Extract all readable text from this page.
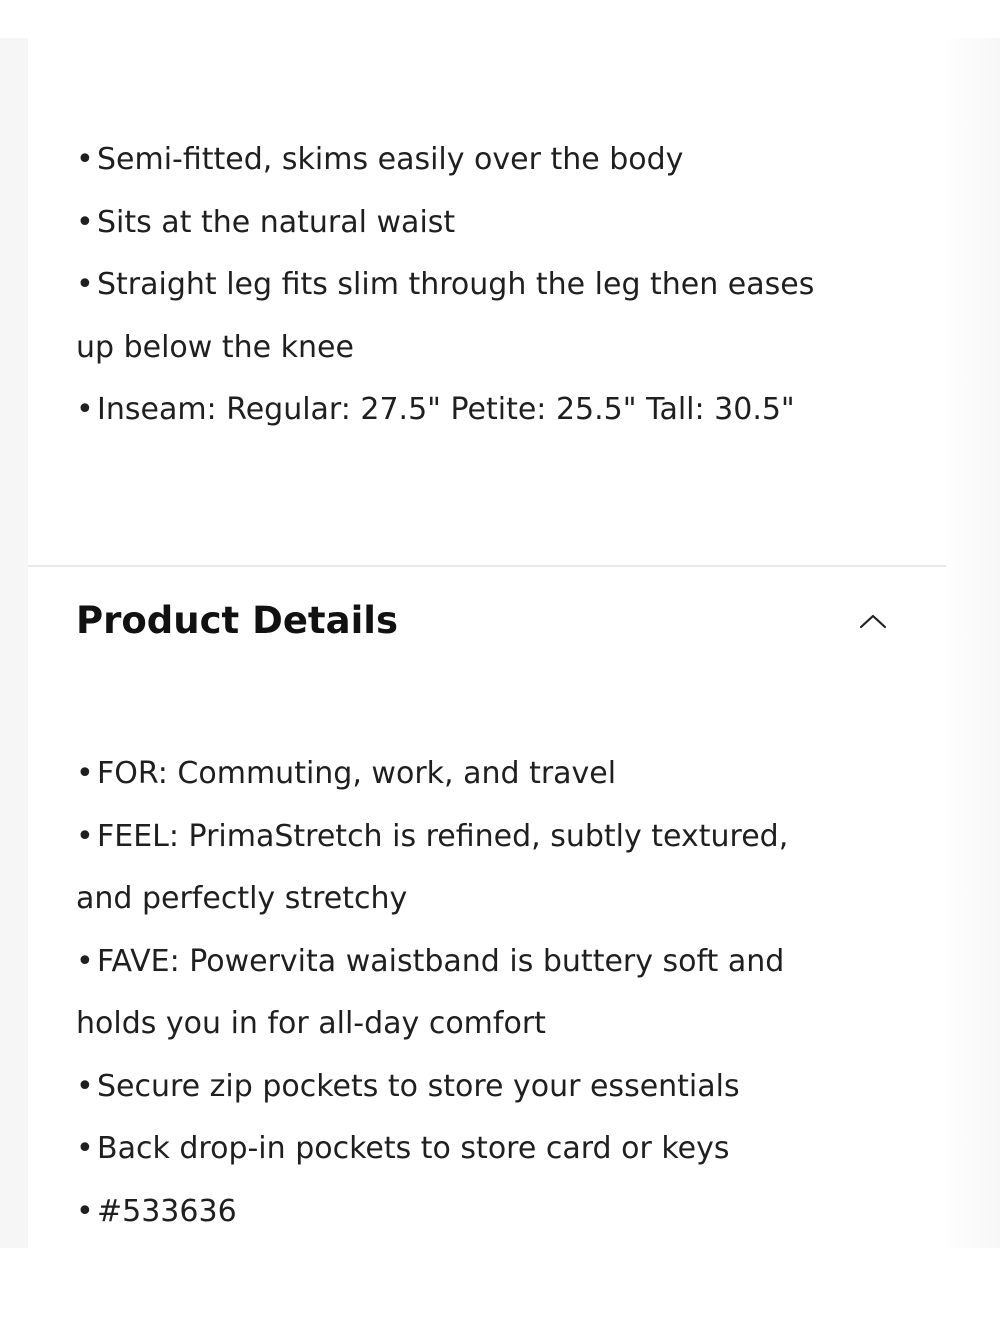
• Semi-fitted, skims easily over the body
• Sits at the natural waist
• Straight leg fits slim through the leg then eases
up below the knee
• Inseam: Regular: 27.5" Petite: 25.5" Tall: 30.5"
Product Details
• FOR: Commuting, work, and travel
• FEEL: PrimaStretch is refined, subtly textured,
and perfectly stretchy
• FAVE: Powervita waistband is buttery soft and
holds you in for all-day comfort
• Secure zip pockets to store your essentials
• Back drop-in pockets to store card or keys
• #533636
